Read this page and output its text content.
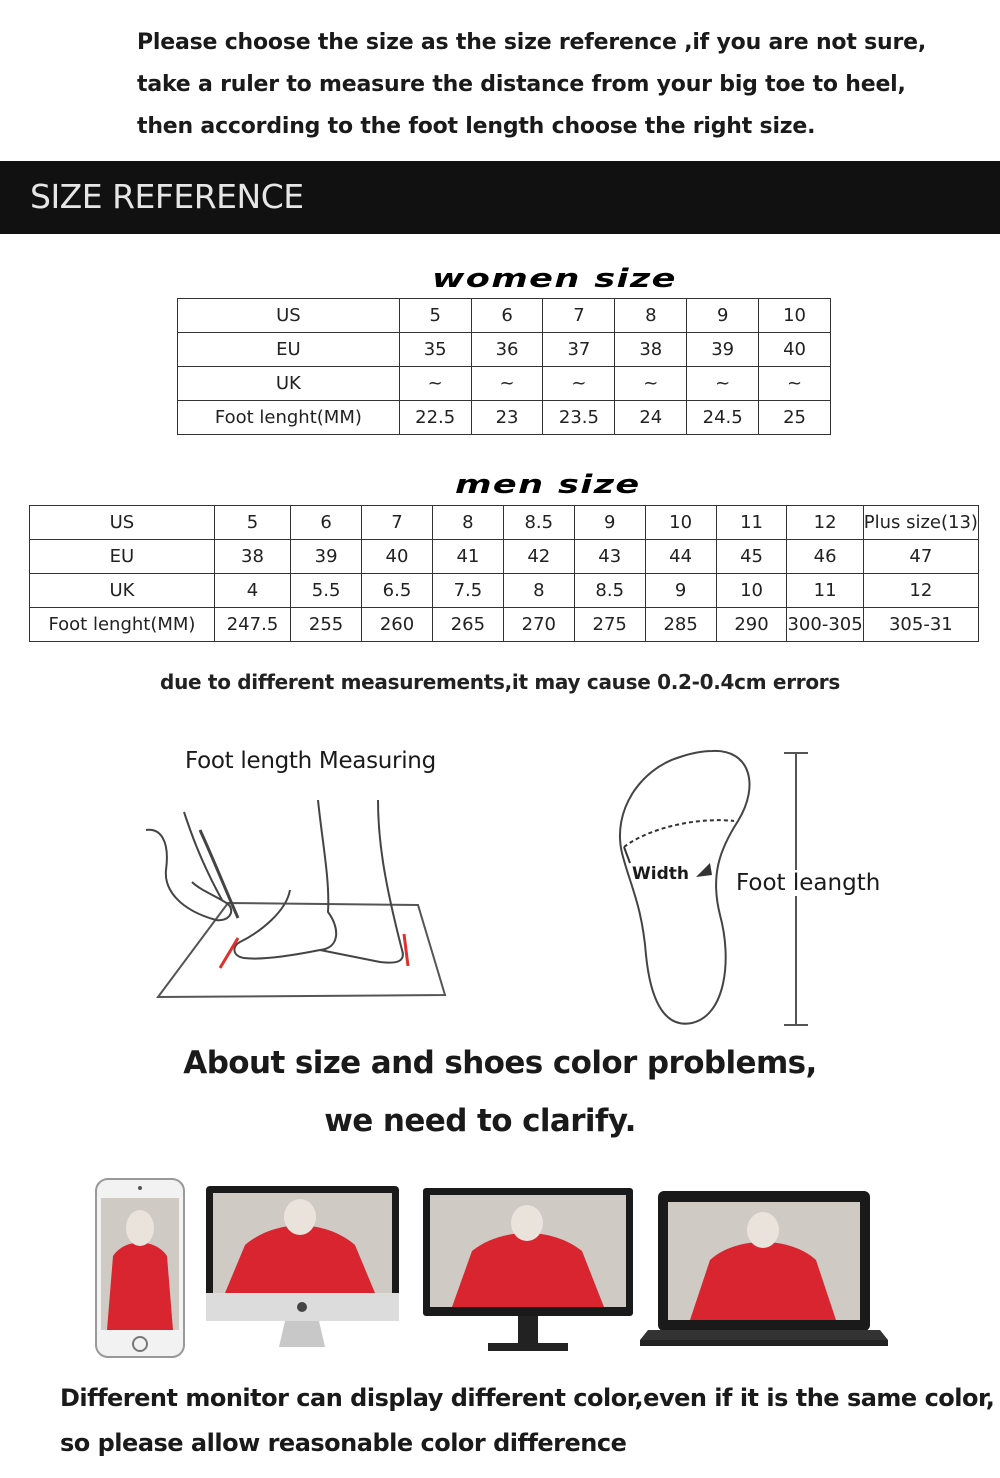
Please choose the size as the size reference ,if you are not sure,
take a ruler to measure the distance from your big toe to heel,
then according to the foot length choose the right size.
SIZE REFERENCE
women size
US	5	6	7	8	9	10
EU	35	36	37	38	39	40
UK	~	~	~	~	~	~
Foot lenght(MM)	22.5	23	23.5	24	24.5	25
men size
US	5	6	7	8	8.5	9	10	11	12	Plus size(13)
EU	38	39	40	41	42	43	44	45	46	47
UK	4	5.5	6.5	7.5	8	8.5	9	10	11	12
Foot lenght(MM)	247.5	255	260	265	270	275	285	290	300-305	305-31
due to different measurements,it may cause 0.2-0.4cm errors
Foot length Measuring
Width Foot leangth
About size and shoes color problems,
we need to clarify.
Different monitor can display different color,even if it is the same color,
so please allow reasonable color difference
